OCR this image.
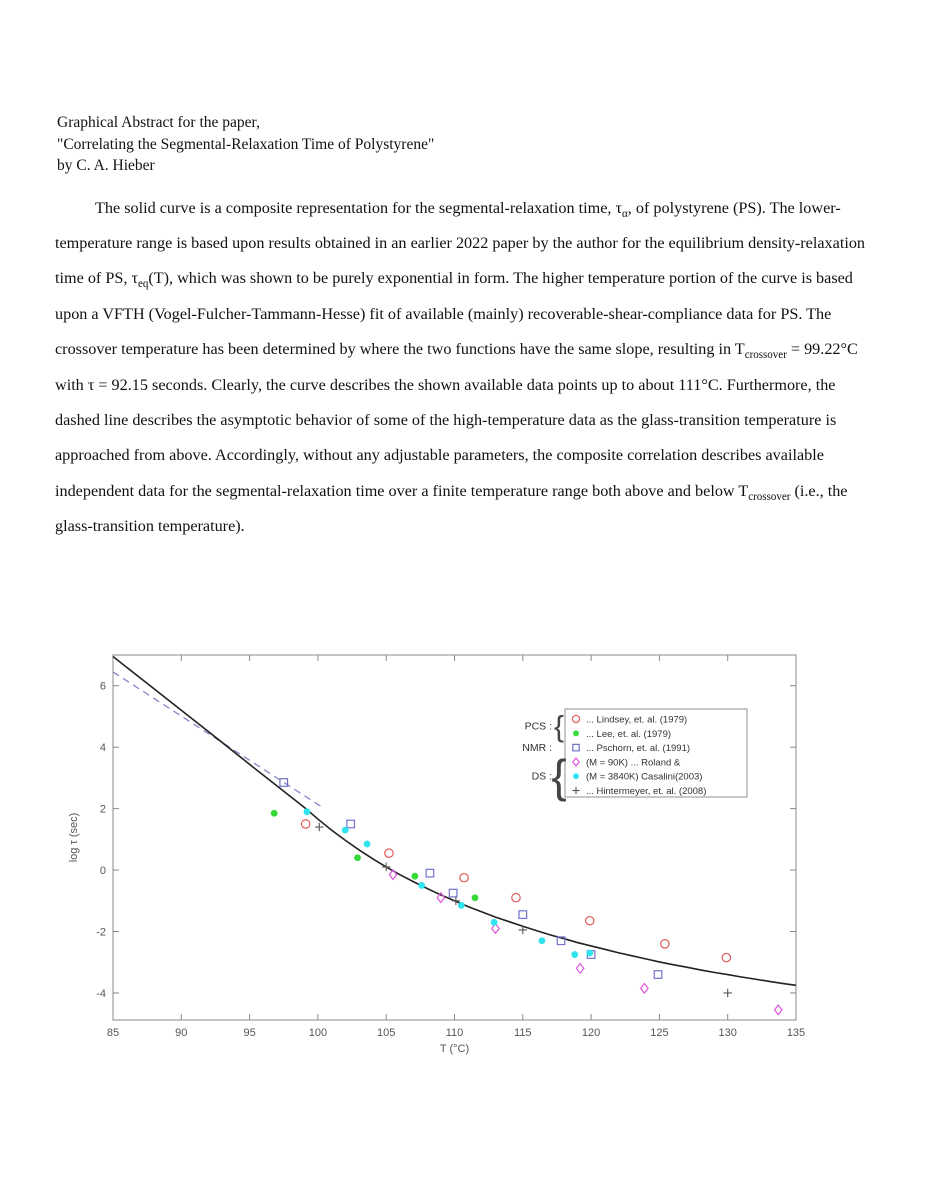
Graphical Abstract for the paper,
"Correlating the Segmental-Relaxation Time of Polystyrene"
by C. A. Hieber

The solid curve is a composite representation for the segmental-relaxation time, $\tau_\alpha$, of polystyrene (PS). The lower-temperature range is based upon results obtained in an earlier 2022 paper by the author for the equilibrium density-relaxation time of PS, $\tau_{eq}(T)$, which was shown to be purely exponential in form. The higher temperature portion of the curve is based upon a VFTH (Vogel-Fulcher-Tammann-Hesse) fit of available (mainly) recoverable-shear-compliance data for PS. The crossover temperature has been determined by where the two functions have the same slope, resulting in $T_{crossover} = 99.22^\circ C$ with τ = 92.15 seconds. Clearly, the curve describes the shown available data points up to about 111°C. Furthermore, the dashed line describes the asymptotic behavior of some of the high-temperature data as the glass-transition temperature is approached from above. Accordingly, without any adjustable parameters, the composite correlation describes available independent data for the segmental-relaxation time over a finite temperature range both above and below $T_{crossover}$ (i.e., the glass-transition temperature).

85	90	95	100	105	110	115	120	125	130	135
T (°C)
6
4
2
0
-2
-4
log τ (sec)
... Lindsey, et. al. (1979)
... Lee, et. al. (1979)
... Pschorn, et. al. (1991)
(M = 90K) ... Roland &
(M = 3840K) Casalini(2003)
... Hintermeyer, et. al. (2008)
PCS : {
NMR :
DS : {
